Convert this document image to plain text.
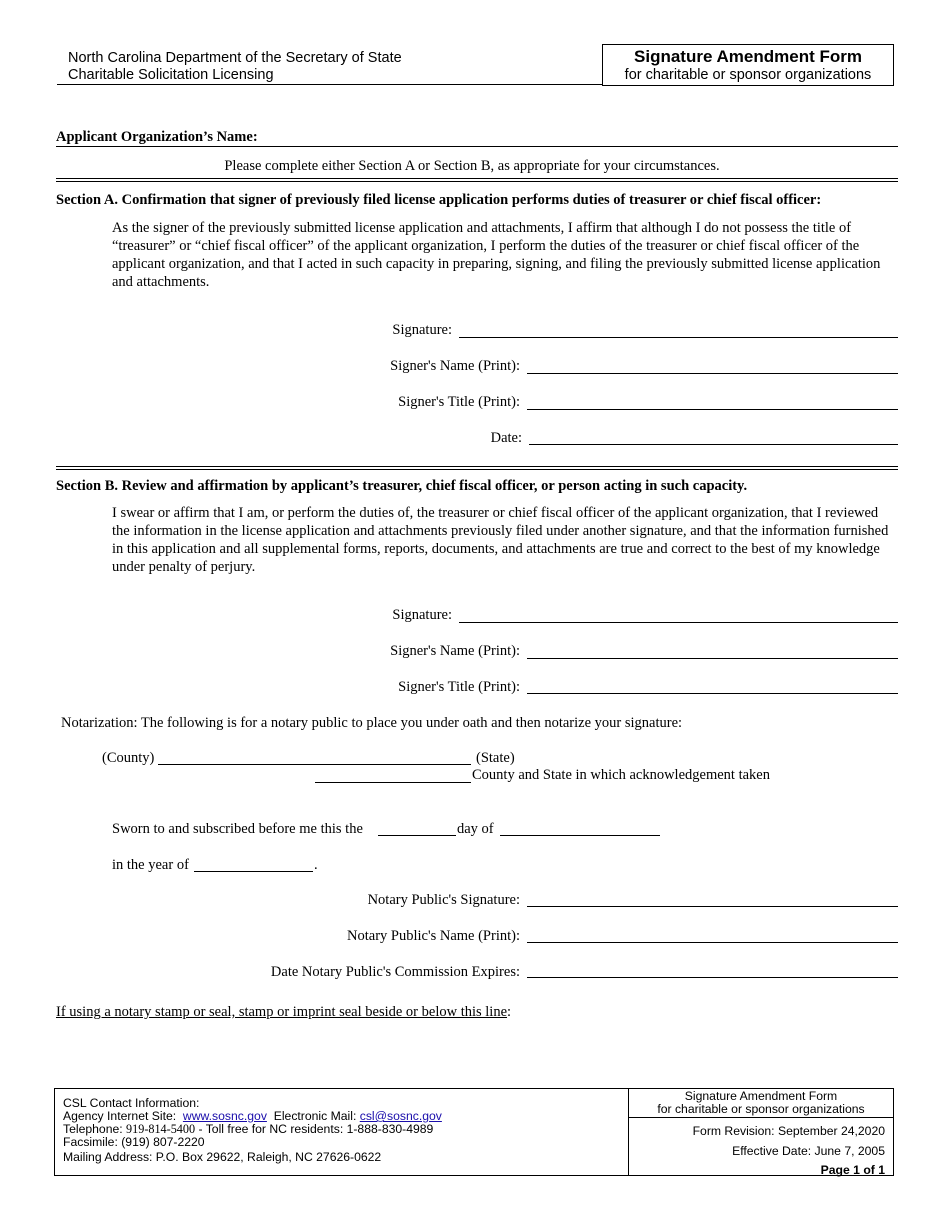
North Carolina Department of the Secretary of State
Charitable Solicitation Licensing
Signature Amendment Form
for charitable or sponsor organizations
Applicant Organization’s Name:
Please complete either Section A or Section B, as appropriate for your circumstances.
Section A. Confirmation that signer of previously filed license application performs duties of treasurer or chief fiscal officer:
As the signer of the previously submitted license application and attachments, I affirm that although I do not possess the title of “treasurer” or “chief fiscal officer” of the applicant organization, I perform the duties of the treasurer or chief fiscal officer of the applicant organization, and that I acted in such capacity in preparing, signing, and filing the previously submitted license application and attachments.
Signature:
Signer's Name (Print):
Signer's Title (Print):
Date:
Section B. Review and affirmation by applicant’s treasurer, chief fiscal officer, or person acting in such capacity.
I swear or affirm that I am, or perform the duties of, the treasurer or chief fiscal officer of the applicant organization, that I reviewed the information in the license application and attachments previously filed under another signature, and that the information furnished in this application and all supplemental forms, reports, documents, and attachments are true and correct to the best of my knowledge under penalty of perjury.
Signature:
Signer's Name (Print):
Signer's Title (Print):
Notarization: The following is for a notary public to place you under oath and then notarize your signature:
(County)	(State)
County and State in which acknowledgement taken
Sworn to and subscribed before me this the	day of
in the year of	.
Notary Public's Signature:
Notary Public's Name (Print):
Date Notary Public's Commission Expires:
If using a notary stamp or seal, stamp or imprint seal beside or below this line:
CSL Contact Information:
Agency Internet Site: www.sosnc.gov Electronic Mail: csl@sosnc.gov
Telephone: 919-814-5400 - Toll free for NC residents: 1-888-830-4989
Facsimile: (919) 807-2220
Mailing Address: P.O. Box 29622, Raleigh, NC 27626-0622
Signature Amendment Form
for charitable or sponsor organizations
Form Revision: September 24,2020
Effective Date: June 7, 2005
Page 1 of 1
